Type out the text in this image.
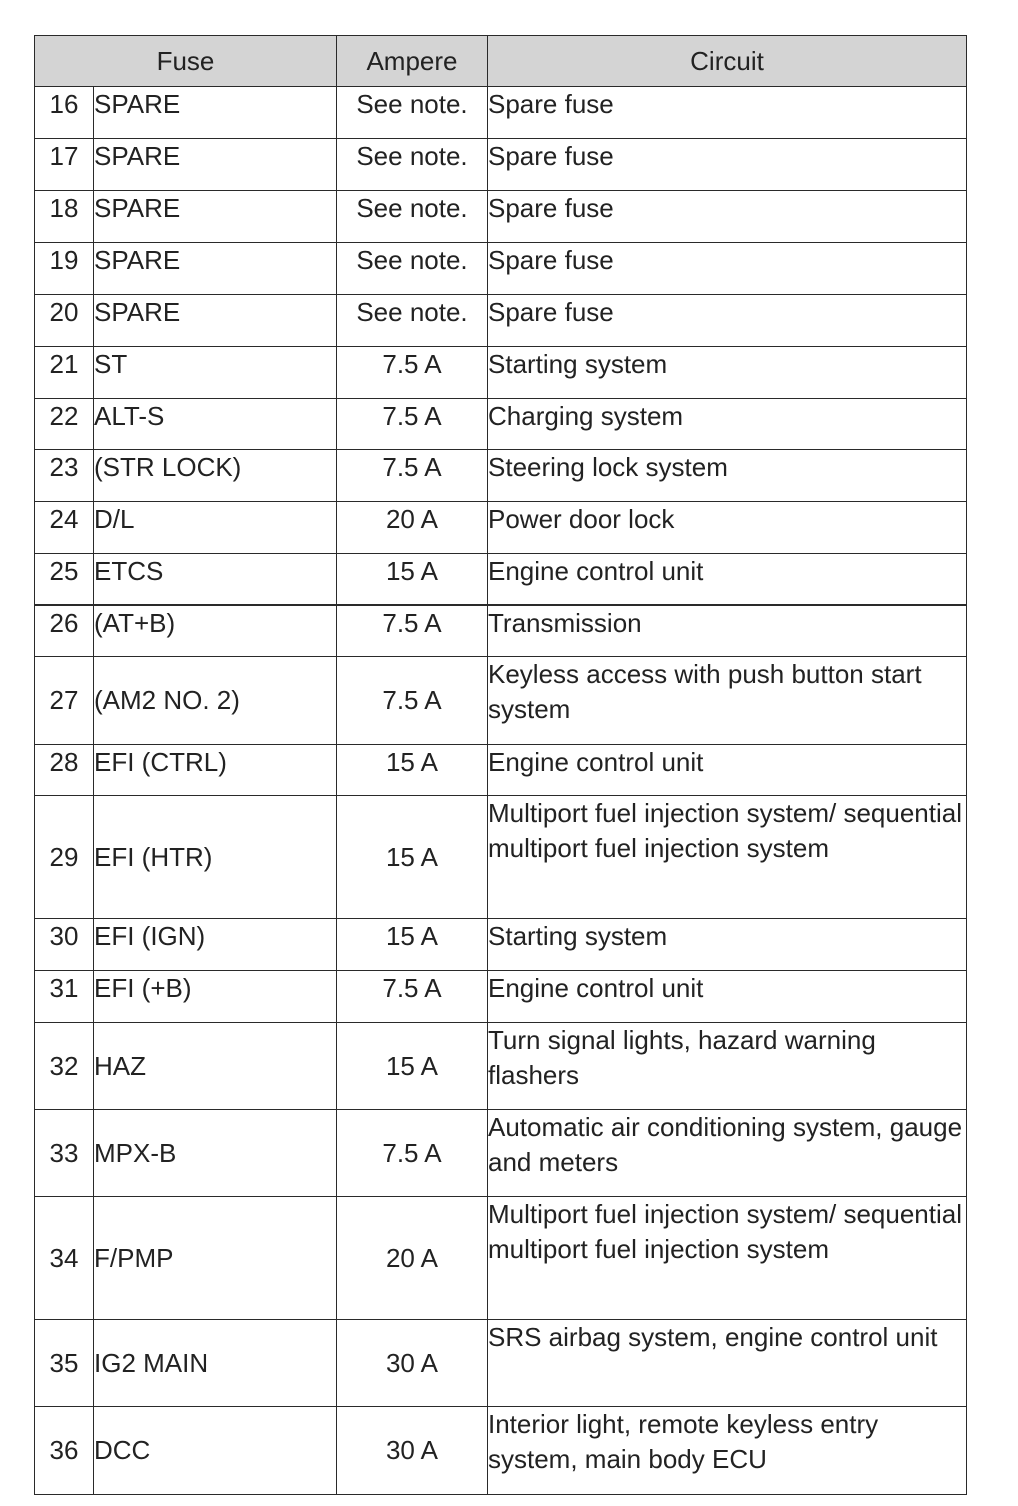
Fuse		Ampere	Circuit
16	SPARE	See note.	Spare fuse
17	SPARE	See note.	Spare fuse
18	SPARE	See note.	Spare fuse
19	SPARE	See note.	Spare fuse
20	SPARE	See note.	Spare fuse
21	ST	7.5 A	Starting system
22	ALT-S	7.5 A	Charging system
23	(STR LOCK)	7.5 A	Steering lock system
24	D/L	20 A	Power door lock
25	ETCS	15 A	Engine control unit
26	(AT+B)	7.5 A	Transmission
27	(AM2 NO. 2)	7.5 A	Keyless access with push button start system
28	EFI (CTRL)	15 A	Engine control unit
29	EFI (HTR)	15 A	Multiport fuel injection system/ sequential multiport fuel injection system
30	EFI (IGN)	15 A	Starting system
31	EFI (+B)	7.5 A	Engine control unit
32	HAZ	15 A	Turn signal lights, hazard warning flashers
33	MPX-B	7.5 A	Automatic air conditioning system, gauge and meters
34	F/PMP	20 A	Multiport fuel injection system/ sequential multiport fuel injection system
35	IG2 MAIN	30 A	SRS airbag system, engine control unit
36	DCC	30 A	Interior light, remote keyless entry system, main body ECU
